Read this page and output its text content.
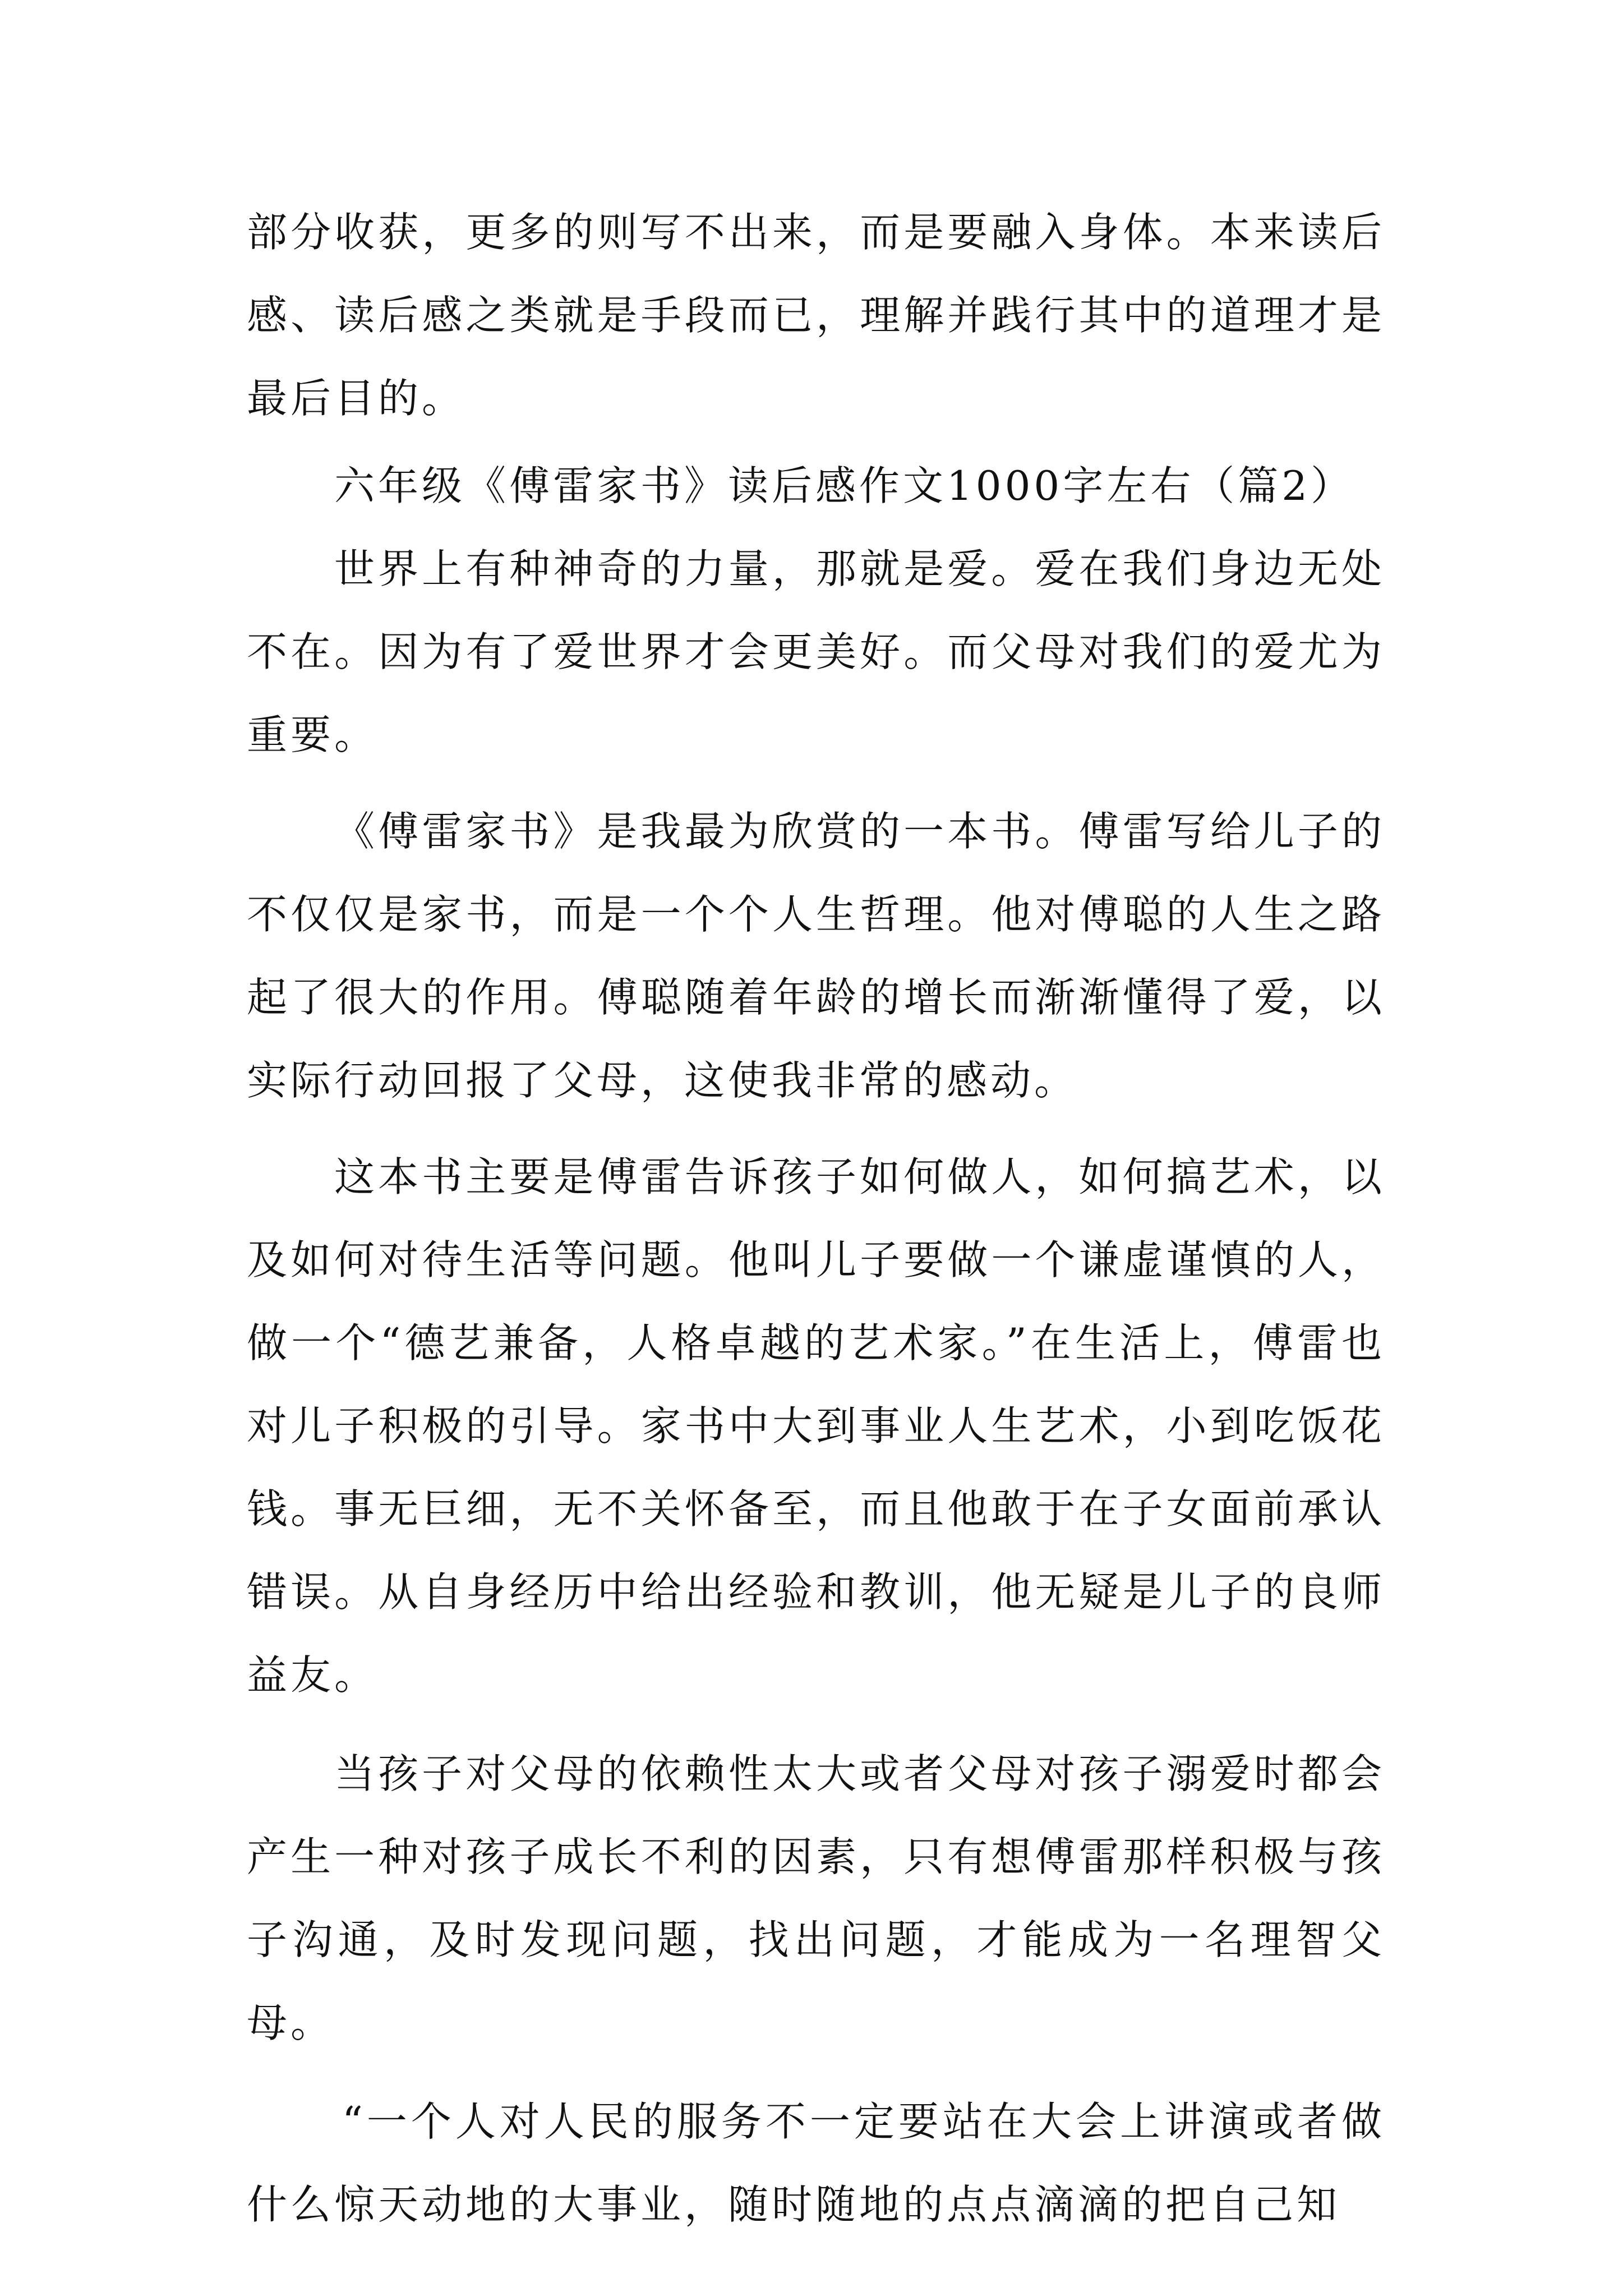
部分收获，更多的则写不出来，而是要融入身体。本来读后感、读后感之类就是手段而已，理解并践行其中的道理才是最后目的。

六年级《傅雷家书》读后感作文1000字左右（篇2）

世界上有种神奇的力量，那就是爱。爱在我们身边无处不在。因为有了爱世界才会更美好。而父母对我们的爱尤为重要。

《傅雷家书》是我最为欣赏的一本书。傅雷写给儿子的不仅仅是家书，而是一个个人生哲理。他对傅聪的人生之路起了很大的作用。傅聪随着年龄的增长而渐渐懂得了爱，以实际行动回报了父母，这使我非常的感动。

这本书主要是傅雷告诉孩子如何做人，如何搞艺术，以及如何对待生活等问题。他叫儿子要做一个谦虚谨慎的人，做一个“德艺兼备，人格卓越的艺术家。”在生活上，傅雷也对儿子积极的引导。家书中大到事业人生艺术，小到吃饭花钱。事无巨细，无不关怀备至，而且他敢于在子女面前承认错误。从自身经历中给出经验和教训，他无疑是儿子的良师益友。

当孩子对父母的依赖性太大或者父母对孩子溺爱时都会产生一种对孩子成长不利的因素，只有想傅雷那样积极与孩子沟通，及时发现问题，找出问题，才能成为一名理智父母。

“一个人对人民的服务不一定要站在大会上讲演或者做什么惊天动地的大事业，随时随地的点点滴滴的把自己知
